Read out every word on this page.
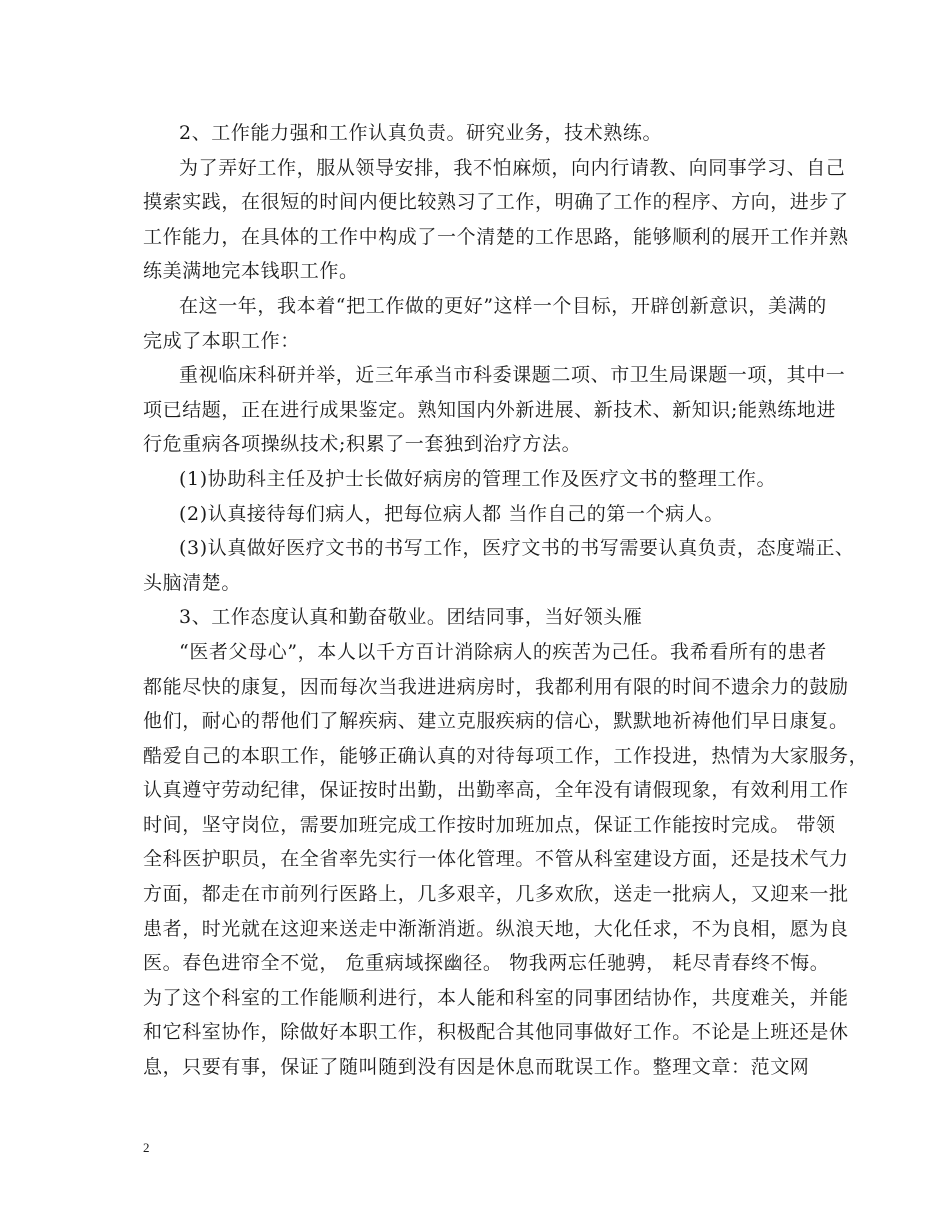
2、工作能力强和工作认真负责。研究业务，技术熟练。
为了弄好工作，服从领导安排，我不怕麻烦，向内行请教、向同事学习、自己
摸索实践，在很短的时间内便比较熟习了工作，明确了工作的程序、方向，进步了
工作能力，在具体的工作中构成了一个清楚的工作思路，能够顺利的展开工作并熟
练美满地完本钱职工作。
在这一年，我本着“把工作做的更好”这样一个目标，开辟创新意识，美满的
完成了本职工作：
重视临床科研并举，近三年承当市科委课题二项、市卫生局课题一项，其中一
项已结题，正在进行成果鉴定。熟知国内外新进展、新技术、新知识;能熟练地进
行危重病各项操纵技术;积累了一套独到治疗方法。
(1)协助科主任及护士长做好病房的管理工作及医疗文书的整理工作。
(2)认真接待每们病人，把每位病人都 当作自己的第一个病人。
(3)认真做好医疗文书的书写工作，医疗文书的书写需要认真负责，态度端正、
头脑清楚。
3、工作态度认真和勤奋敬业。团结同事，当好领头雁
“医者父母心”，本人以千方百计消除病人的疾苦为己任。我希看所有的患者
都能尽快的康复，因而每次当我进进病房时，我都利用有限的时间不遗余力的鼓励
他们，耐心的帮他们了解疾病、建立克服疾病的信心，默默地祈祷他们早日康复。
酷爱自己的本职工作，能够正确认真的对待每项工作，工作投进，热情为大家服务，
认真遵守劳动纪律，保证按时出勤，出勤率高，全年没有请假现象，有效利用工作
时间，坚守岗位，需要加班完成工作按时加班加点，保证工作能按时完成。 带领
全科医护职员，在全省率先实行一体化管理。不管从科室建设方面，还是技术气力
方面，都走在市前列行医路上，几多艰辛，几多欢欣，送走一批病人，又迎来一批
患者，时光就在这迎来送走中渐渐消逝。纵浪天地，大化任求，不为良相，愿为良
医。春色进帘全不觉， 危重病域探幽径。 物我两忘任驰骋， 耗尽青春终不悔。
为了这个科室的工作能顺利进行，本人能和科室的同事团结协作，共度难关，并能
和它科室协作，除做好本职工作，积极配合其他同事做好工作。不论是上班还是休
息，只要有事，保证了随叫随到没有因是休息而耽误工作。整理文章：范文网
2
